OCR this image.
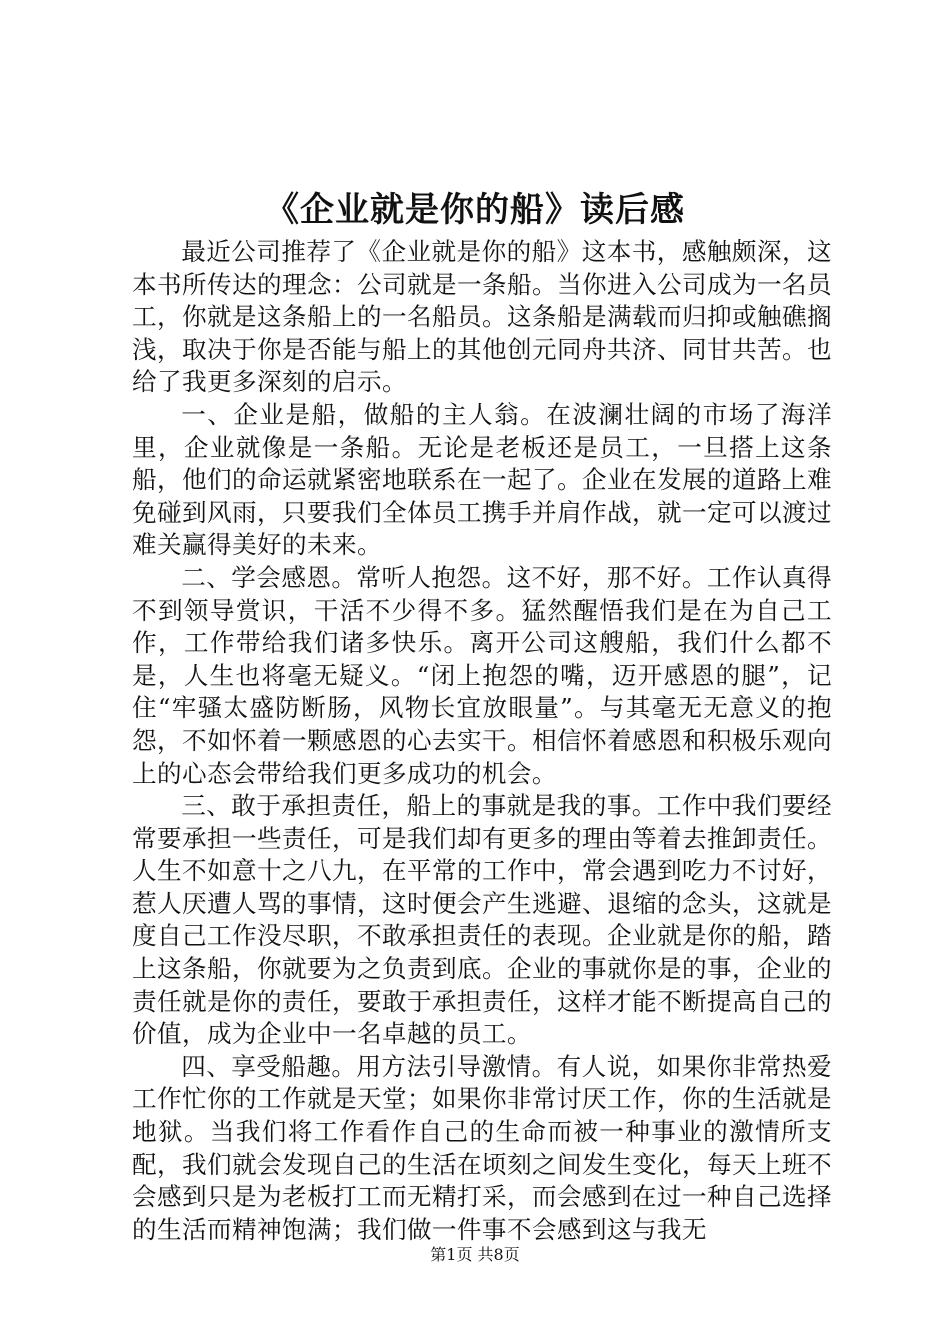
《企业就是你的船》读后感

最近公司推荐了《企业就是你的船》这本书，感触颇深，这本书所传达的理念：公司就是一条船。当你进入公司成为一名员工，你就是这条船上的一名船员。这条船是满载而归抑或触礁搁浅，取决于你是否能与船上的其他创元同舟共济、同甘共苦。也给了我更多深刻的启示。

一、企业是船，做船的主人翁。在波澜壮阔的市场了海洋里，企业就像是一条船。无论是老板还是员工，一旦搭上这条船，他们的命运就紧密地联系在一起了。企业在发展的道路上难免碰到风雨，只要我们全体员工携手并肩作战，就一定可以渡过难关赢得美好的未来。

二、学会感恩。常听人抱怨。这不好，那不好。工作认真得不到领导赏识，干活不少得不多。猛然醒悟我们是在为自己工作，工作带给我们诸多快乐。离开公司这艘船，我们什么都不是，人生也将毫无疑义。“闭上抱怨的嘴，迈开感恩的腿”，记住“牢骚太盛防断肠，风物长宜放眼量”。与其毫无无意义的抱怨，不如怀着一颗感恩的心去实干。相信怀着感恩和积极乐观向上的心态会带给我们更多成功的机会。

三、敢于承担责任，船上的事就是我的事。工作中我们要经常要承担一些责任，可是我们却有更多的理由等着去推卸责任。人生不如意十之八九，在平常的工作中，常会遇到吃力不讨好，惹人厌遭人骂的事情，这时便会产生逃避、退缩的念头，这就是度自己工作没尽职，不敢承担责任的表现。企业就是你的船，踏上这条船，你就要为之负责到底。企业的事就你是的事，企业的责任就是你的责任，要敢于承担责任，这样才能不断提高自己的价值，成为企业中一名卓越的员工。

四、享受船趣。用方法引导激情。有人说，如果你非常热爱工作忙你的工作就是天堂；如果你非常讨厌工作，你的生活就是地狱。当我们将工作看作自己的生命而被一种事业的激情所支配，我们就会发现自己的生活在顷刻之间发生变化，每天上班不会感到只是为老板打工而无精打采，而会感到在过一种自己选择的生活而精神饱满；我们做一件事不会感到这与我无

第1页 共8页
